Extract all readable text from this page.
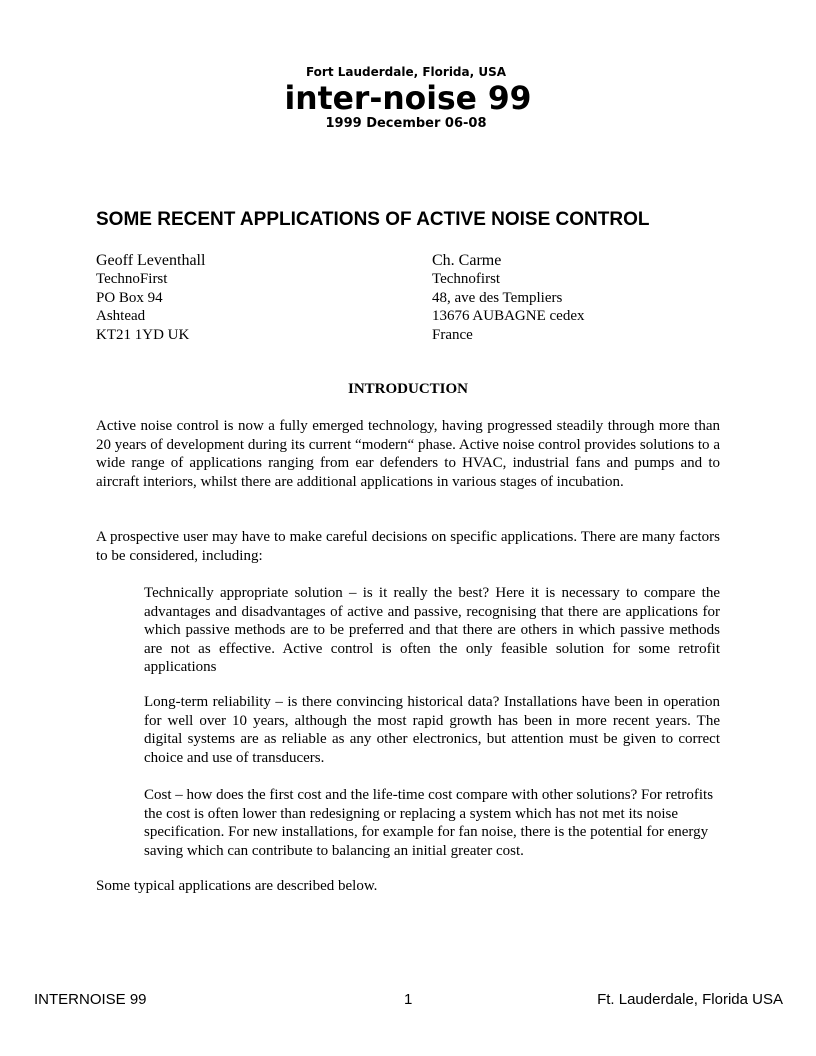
Fort Lauderdale, Florida, USA
inter-noise 99
1999 December 06-08
SOME RECENT APPLICATIONS OF ACTIVE NOISE CONTROL
Geoff Leventhall
TechnoFirst
PO Box 94
Ashtead
KT21 1YD UK
Ch. Carme
Technofirst
48, ave des Templiers
13676 AUBAGNE cedex
France
INTRODUCTION

Active noise control is now a fully emerged technology, having progressed steadily through more than 20 years of development during its current “modern“ phase. Active noise control provides solutions to a wide range of applications ranging from ear defenders to HVAC, industrial fans and pumps and to aircraft interiors, whilst there are additional applications in various stages of incubation.

A prospective user may have to make careful decisions on specific applications. There are many factors to be considered, including:

Technically appropriate solution – is it really the best? Here it is necessary to compare the advantages and disadvantages of active and passive, recognising that there are applications for which passive methods are to be preferred and that there are others in which passive methods are not as effective. Active control is often the only feasible solution for some retrofit applications

Long-term reliability – is there convincing historical data? Installations have been in operation for well over 10 years, although the most rapid growth has been in more recent years. The digital systems are as reliable as any other electronics, but attention must be given to correct choice and use of transducers.

Cost – how does the first cost and the life-time cost compare with other solutions? For retrofits the cost is often lower than redesigning or replacing a system which has not met its noise specification. For new installations, for example for fan noise, there is the potential for energy saving which can contribute to balancing an initial greater cost.

Some typical applications are described below.

INTERNOISE 99	1	Ft. Lauderdale, Florida USA
